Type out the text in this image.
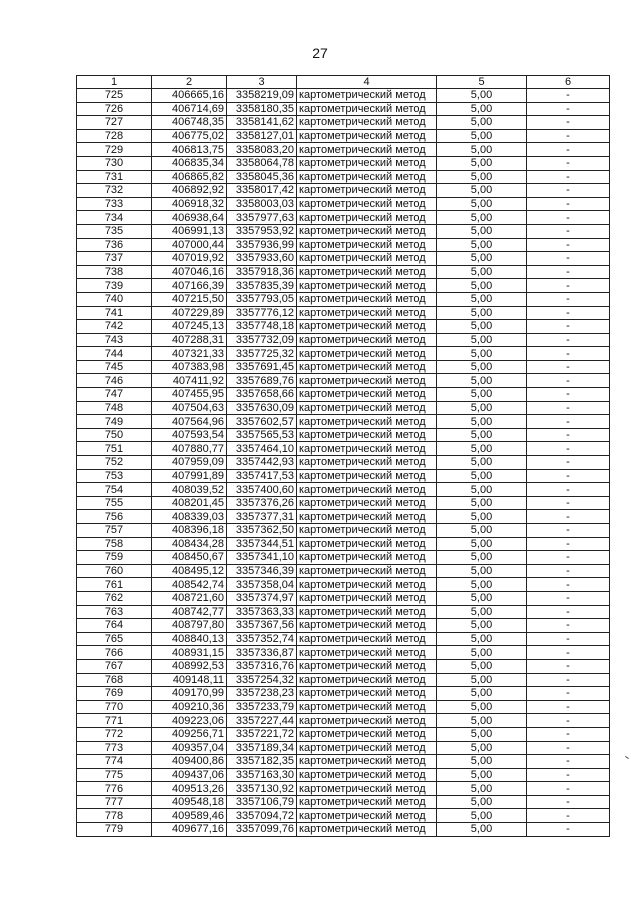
27
1	2	3	4	5	6
725	406665,16	3358219,09	картометрический метод	5,00	-
726	406714,69	3358180,35	картометрический метод	5,00	-
727	406748,35	3358141,62	картометрический метод	5,00	-
728	406775,02	3358127,01	картометрический метод	5,00	-
729	406813,75	3358083,20	картометрический метод	5,00	-
730	406835,34	3358064,78	картометрический метод	5,00	-
731	406865,82	3358045,36	картометрический метод	5,00	-
732	406892,92	3358017,42	картометрический метод	5,00	-
733	406918,32	3358003,03	картометрический метод	5,00	-
734	406938,64	3357977,63	картометрический метод	5,00	-
735	406991,13	3357953,92	картометрический метод	5,00	-
736	407000,44	3357936,99	картометрический метод	5,00	-
737	407019,92	3357933,60	картометрический метод	5,00	-
738	407046,16	3357918,36	картометрический метод	5,00	-
739	407166,39	3357835,39	картометрический метод	5,00	-
740	407215,50	3357793,05	картометрический метод	5,00	-
741	407229,89	3357776,12	картометрический метод	5,00	-
742	407245,13	3357748,18	картометрический метод	5,00	-
743	407288,31	3357732,09	картометрический метод	5,00	-
744	407321,33	3357725,32	картометрический метод	5,00	-
745	407383,98	3357691,45	картометрический метод	5,00	-
746	407411,92	3357689,76	картометрический метод	5,00	-
747	407455,95	3357658,66	картометрический метод	5,00	-
748	407504,63	3357630,09	картометрический метод	5,00	-
749	407564,96	3357602,57	картометрический метод	5,00	-
750	407593,54	3357565,53	картометрический метод	5,00	-
751	407880,77	3357464,10	картометрический метод	5,00	-
752	407959,09	3357442,93	картометрический метод	5,00	-
753	407991,89	3357417,53	картометрический метод	5,00	-
754	408039,52	3357400,60	картометрический метод	5,00	-
755	408201,45	3357376,26	картометрический метод	5,00	-
756	408339,03	3357377,31	картометрический метод	5,00	-
757	408396,18	3357362,50	картометрический метод	5,00	-
758	408434,28	3357344,51	картометрический метод	5,00	-
759	408450,67	3357341,10	картометрический метод	5,00	-
760	408495,12	3357346,39	картометрический метод	5,00	-
761	408542,74	3357358,04	картометрический метод	5,00	-
762	408721,60	3357374,97	картометрический метод	5,00	-
763	408742,77	3357363,33	картометрический метод	5,00	-
764	408797,80	3357367,56	картометрический метод	5,00	-
765	408840,13	3357352,74	картометрический метод	5,00	-
766	408931,15	3357336,87	картометрический метод	5,00	-
767	408992,53	3357316,76	картометрический метод	5,00	-
768	409148,11	3357254,32	картометрический метод	5,00	-
769	409170,99	3357238,23	картометрический метод	5,00	-
770	409210,36	3357233,79	картометрический метод	5,00	-
771	409223,06	3357227,44	картометрический метод	5,00	-
772	409256,71	3357221,72	картометрический метод	5,00	-
773	409357,04	3357189,34	картометрический метод	5,00	-
774	409400,86	3357182,35	картометрический метод	5,00	-
775	409437,06	3357163,30	картометрический метод	5,00	-
776	409513,26	3357130,92	картометрический метод	5,00	-
777	409548,18	3357106,79	картометрический метод	5,00	-
778	409589,46	3357094,72	картометрический метод	5,00	-
779	409677,16	3357099,76	картометрический метод	5,00	-
